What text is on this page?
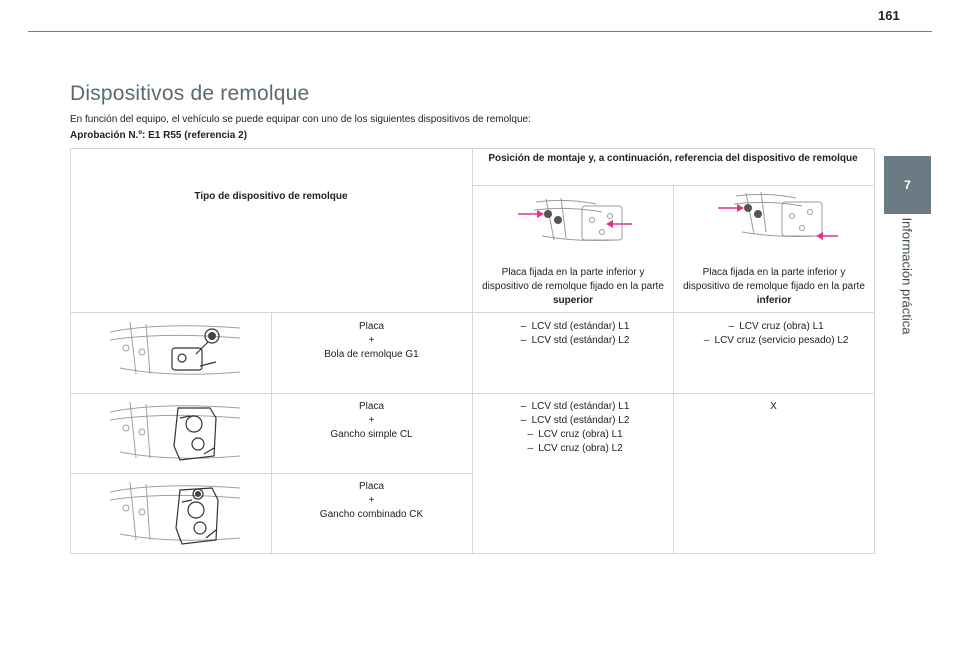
161
Dispositivos de remolque

En función del equipo, el vehículo se puede equipar con uno de los siguientes dispositivos de remolque:

Aprobación N.º: E1 R55 (referencia 2)

7
Información práctica
Posición de montaje y, a continuación, referencia del dispositivo de remolque
Tipo de dispositivo de remolque
Placa fijada en la parte inferior y dispositivo de remolque fijado en la parte superior
Placa fijada en la parte inferior y dispositivo de remolque fijado en la parte inferior
Placa
+
Bola de remolque G1
– LCV std (estándar) L1
– LCV std (estándar) L2
– LCV cruz (obra) L1
– LCV cruz (servicio pesado) L2
Placa
+
Gancho simple CL
– LCV std (estándar) L1
– LCV std (estándar) L2
– LCV cruz (obra) L1
– LCV cruz (obra) L2
X
Placa
+
Gancho combinado CK
